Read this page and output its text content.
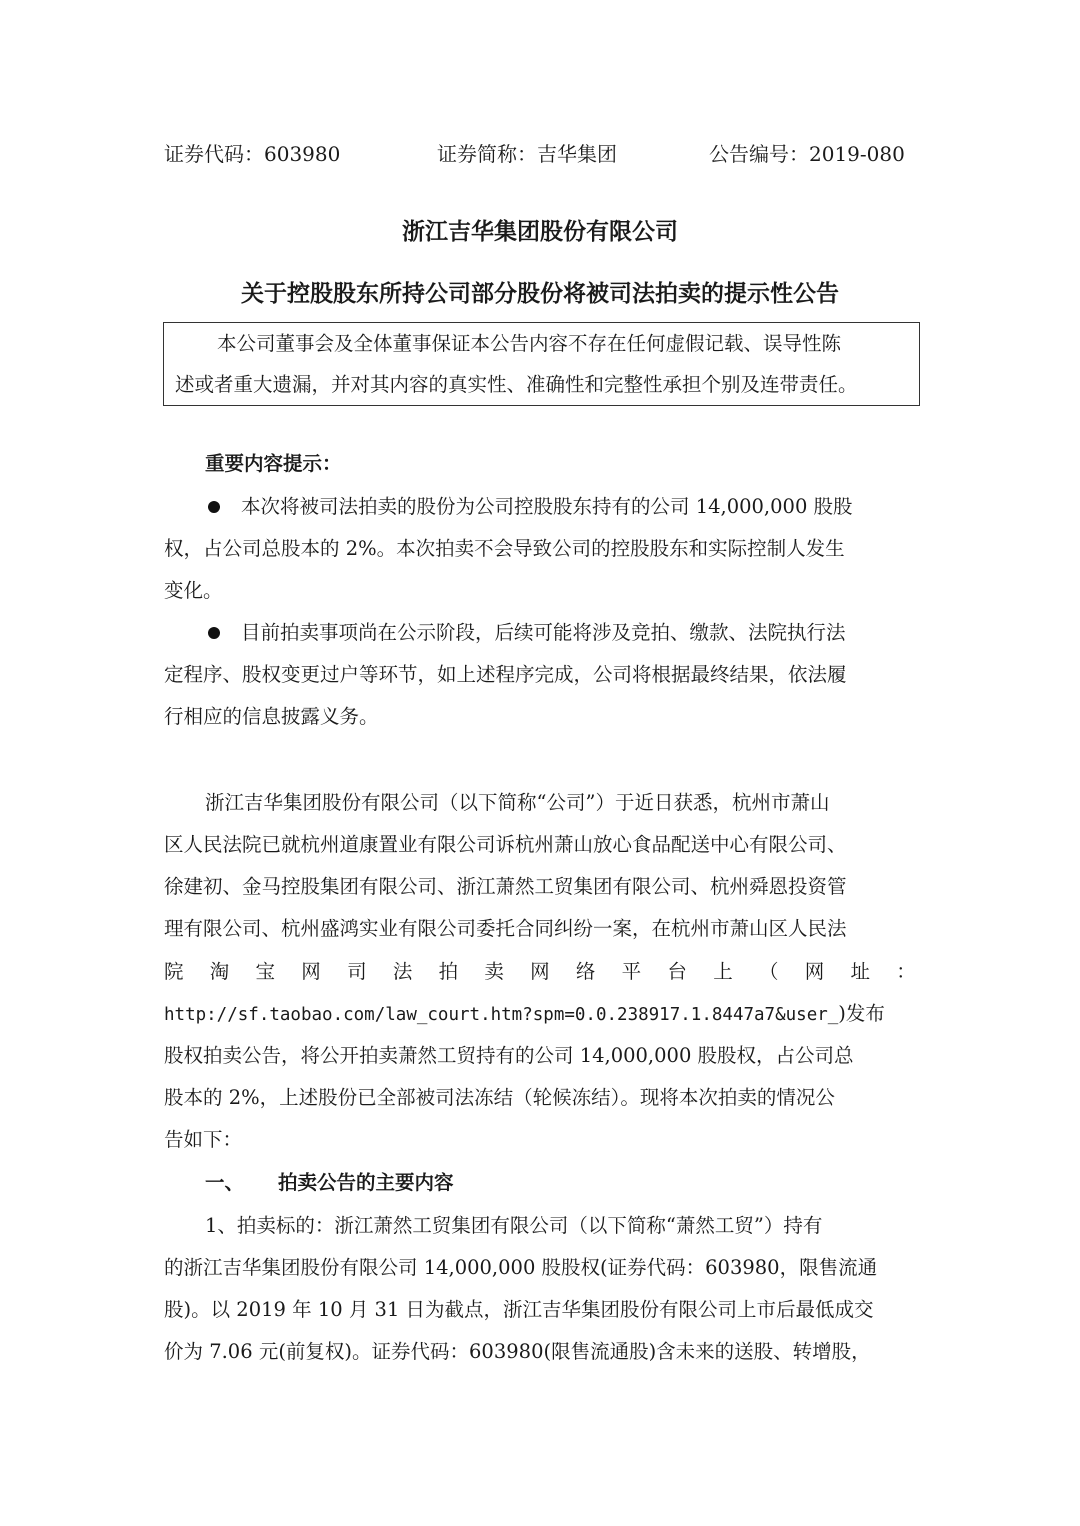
证券代码：603980	证券简称：吉华集团	公告编号：2019-080
浙江吉华集团股份有限公司
关于控股股东所持公司部分股份将被司法拍卖的提示性公告
本公司董事会及全体董事保证本公告内容不存在任何虚假记载、误导性陈
述或者重大遗漏，并对其内容的真实性、准确性和完整性承担个别及连带责任。
重要内容提示：
本次将被司法拍卖的股份为公司控股股东持有的公司 14,000,000 股股
权，占公司总股本的 2%。本次拍卖不会导致公司的控股股东和实际控制人发生
变化。
目前拍卖事项尚在公示阶段，后续可能将涉及竞拍、缴款、法院执行法
定程序、股权变更过户等环节，如上述程序完成，公司将根据最终结果，依法履
行相应的信息披露义务。
浙江吉华集团股份有限公司（以下简称“公司”）于近日获悉，杭州市萧山
区人民法院已就杭州道康置业有限公司诉杭州萧山放心食品配送中心有限公司、
徐建初、金马控股集团有限公司、浙江萧然工贸集团有限公司、杭州舜恩投资管
理有限公司、杭州盛鸿实业有限公司委托合同纠纷一案，在杭州市萧山区人民法
院 淘 宝 网 司 法 拍 卖 网 络 平 台 上 （ 网 址 ：
http://sf.taobao.com/law_court.htm?spm=0.0.238917.1.8447a7&user_)发布
股权拍卖公告，将公开拍卖萧然工贸持有的公司 14,000,000 股股权，占公司总
股本的 2%，上述股份已全部被司法冻结（轮候冻结）。现将本次拍卖的情况公
告如下：
一、 拍卖公告的主要内容
1、拍卖标的：浙江萧然工贸集团有限公司（以下简称“萧然工贸”）持有
的浙江吉华集团股份有限公司 14,000,000 股股权(证券代码：603980，限售流通
股)。以 2019 年 10 月 31 日为截点，浙江吉华集团股份有限公司上市后最低成交
价为 7.06 元(前复权)。证券代码：603980(限售流通股)含未来的送股、转增股，
